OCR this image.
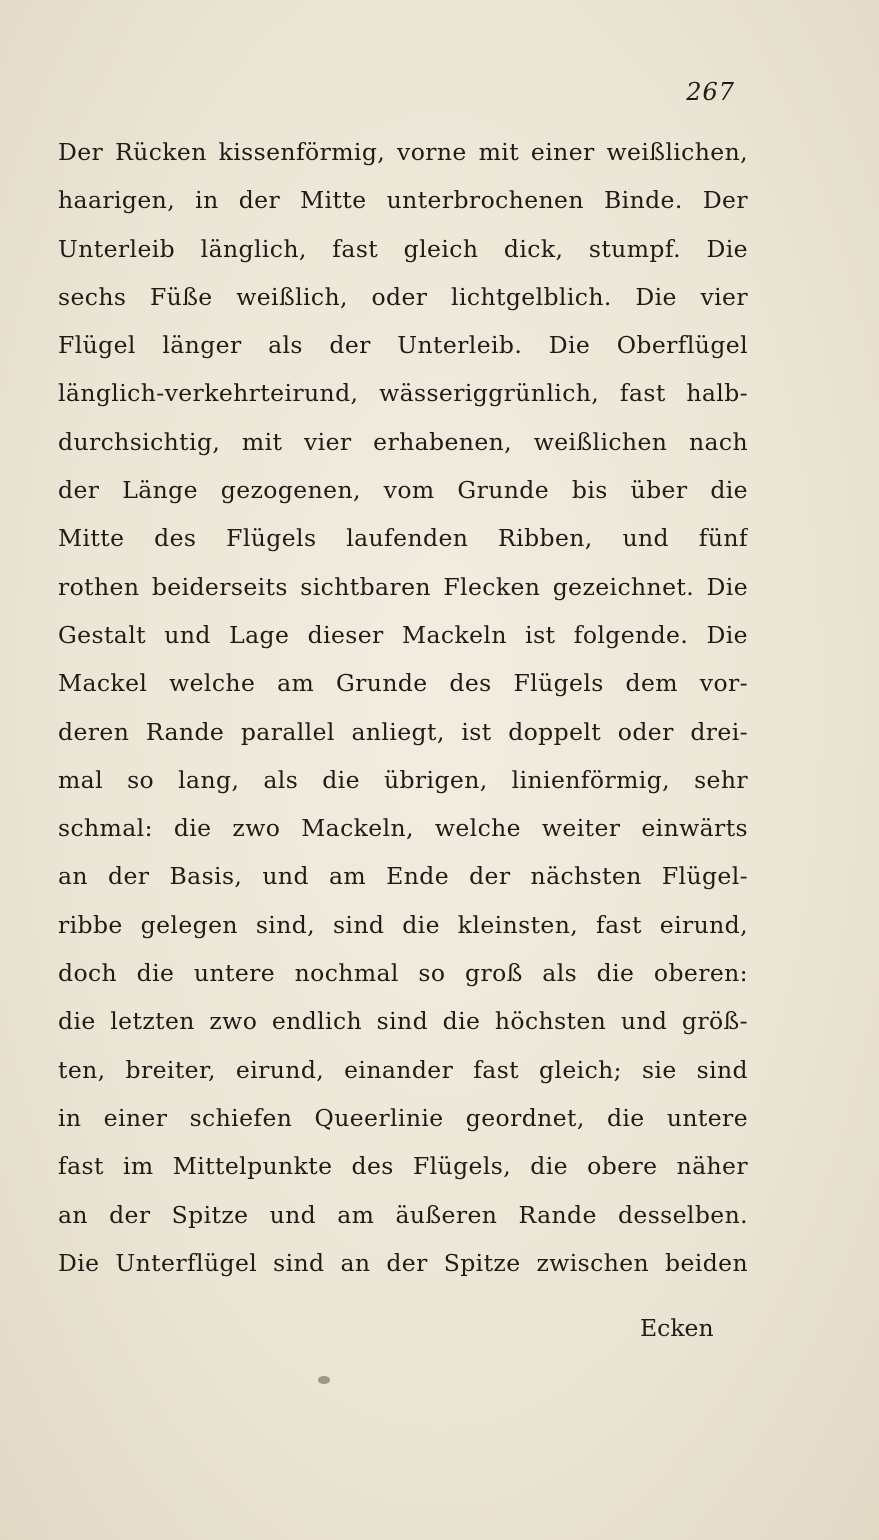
267
Der Rücken kissenförmig, vorne mit einer weißlichen,
haarigen, in der Mitte unterbrochenen Binde. Der
Unterleib länglich, fast gleich dick, stumpf. Die
sechs Füße weißlich, oder lichtgelblich. Die vier
Flügel länger als der Unterleib. Die Oberflügel
länglich-verkehrteirund, wässeriggrünlich, fast halb-
durchsichtig, mit vier erhabenen, weißlichen nach
der Länge gezogenen, vom Grunde bis über die
Mitte des Flügels laufenden Ribben, und fünf
rothen beiderseits sichtbaren Flecken gezeichnet. Die
Gestalt und Lage dieser Mackeln ist folgende. Die
Mackel welche am Grunde des Flügels dem vor-
deren Rande parallel anliegt, ist doppelt oder drei-
mal so lang, als die übrigen, linienförmig, sehr
schmal: die zwo Mackeln, welche weiter einwärts
an der Basis, und am Ende der nächsten Flügel-
ribbe gelegen sind, sind die kleinsten, fast eirund,
doch die untere nochmal so groß als die oberen:
die letzten zwo endlich sind die höchsten und größ-
ten, breiter, eirund, einander fast gleich; sie sind
in einer schiefen Queerlinie geordnet, die untere
fast im Mittelpunkte des Flügels, die obere näher
an der Spitze und am äußeren Rande desselben.
Die Unterflügel sind an der Spitze zwischen beiden
Ecken
